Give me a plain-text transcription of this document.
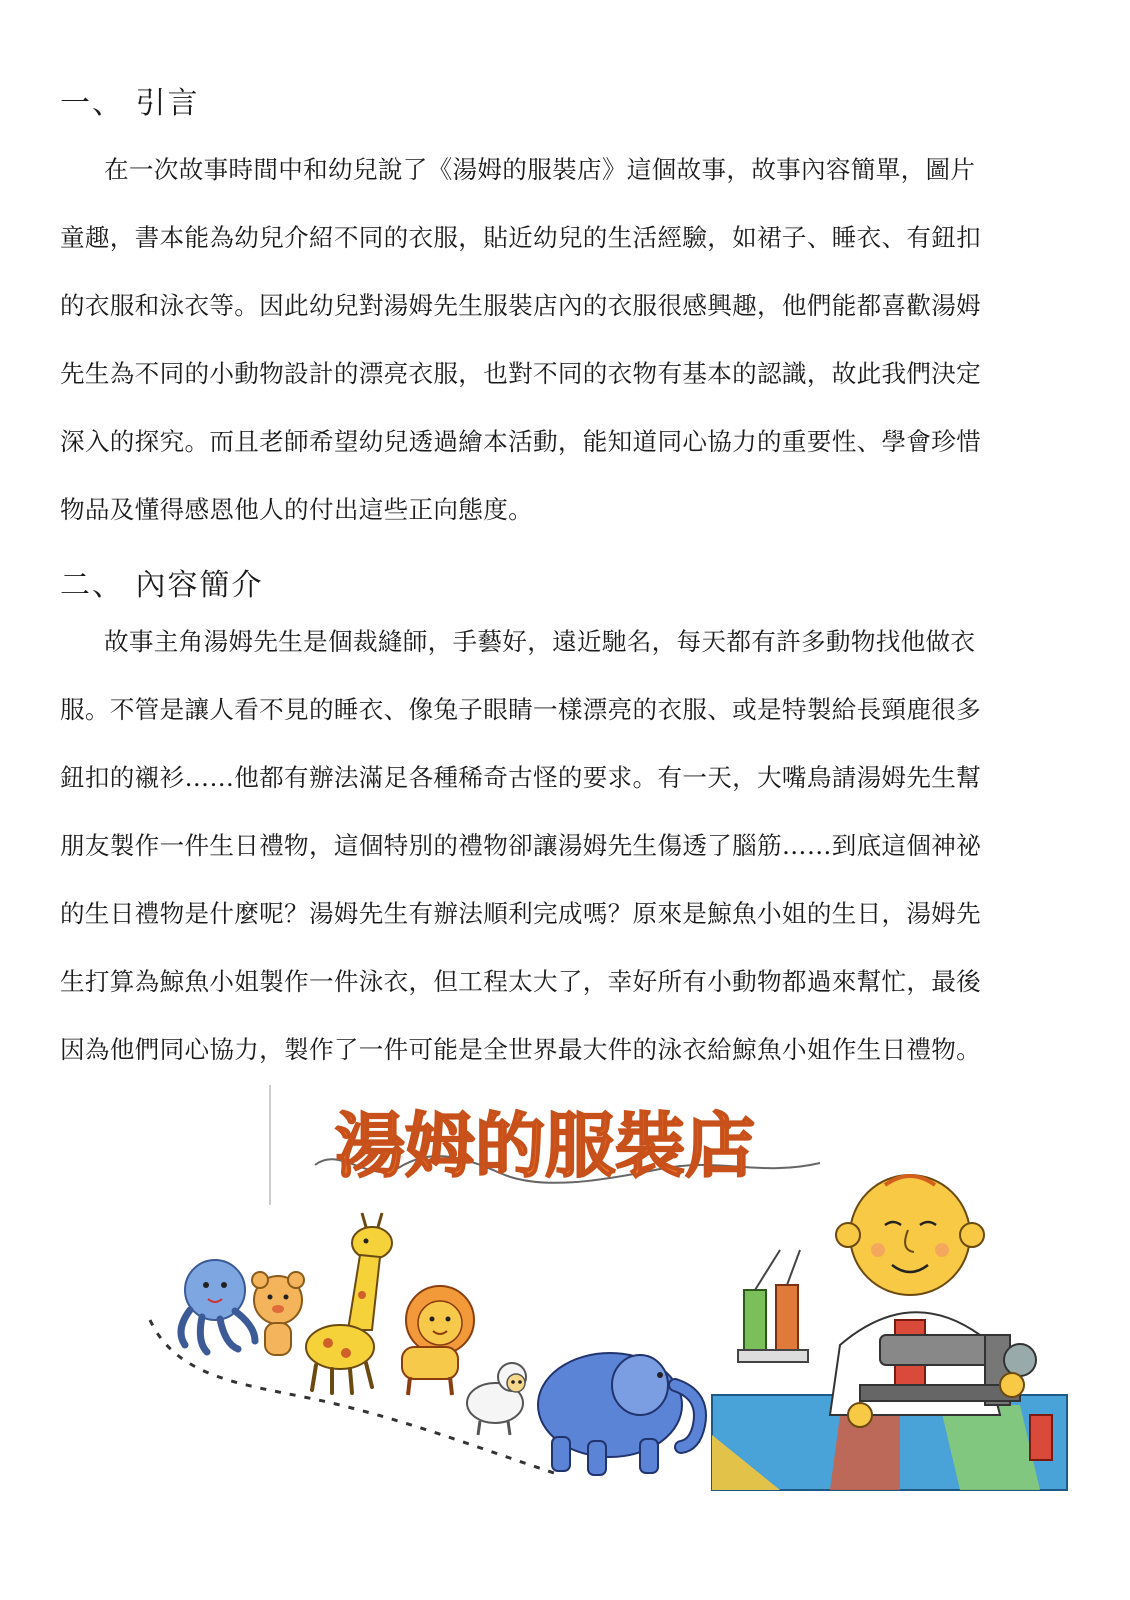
一、 引言
在一次故事時間中和幼兒說了《湯姆的服裝店》這個故事，故事內容簡單，圖片
童趣，書本能為幼兒介紹不同的衣服，貼近幼兒的生活經驗，如裙子、睡衣、有鈕扣
的衣服和泳衣等。因此幼兒對湯姆先生服裝店內的衣服很感興趣，他們能都喜歡湯姆
先生為不同的小動物設計的漂亮衣服，也對不同的衣物有基本的認識，故此我們決定
深入的探究。而且老師希望幼兒透過繪本活動，能知道同心協力的重要性、學會珍惜
物品及懂得感恩他人的付出這些正向態度。
二、 內容簡介
故事主角湯姆先生是個裁縫師，手藝好，遠近馳名，每天都有許多動物找他做衣
服。不管是讓人看不見的睡衣、像兔子眼睛一樣漂亮的衣服、或是特製給長頸鹿很多
鈕扣的襯衫……他都有辦法滿足各種稀奇古怪的要求。有一天，大嘴鳥請湯姆先生幫
朋友製作一件生日禮物，這個特別的禮物卻讓湯姆先生傷透了腦筋……到底這個神祕
的生日禮物是什麼呢？湯姆先生有辦法順利完成嗎？原來是鯨魚小姐的生日，湯姆先
生打算為鯨魚小姐製作一件泳衣，但工程太大了，幸好所有小動物都過來幫忙，最後
因為他們同心協力，製作了一件可能是全世界最大件的泳衣給鯨魚小姐作生日禮物。
湯姆的服裝店
